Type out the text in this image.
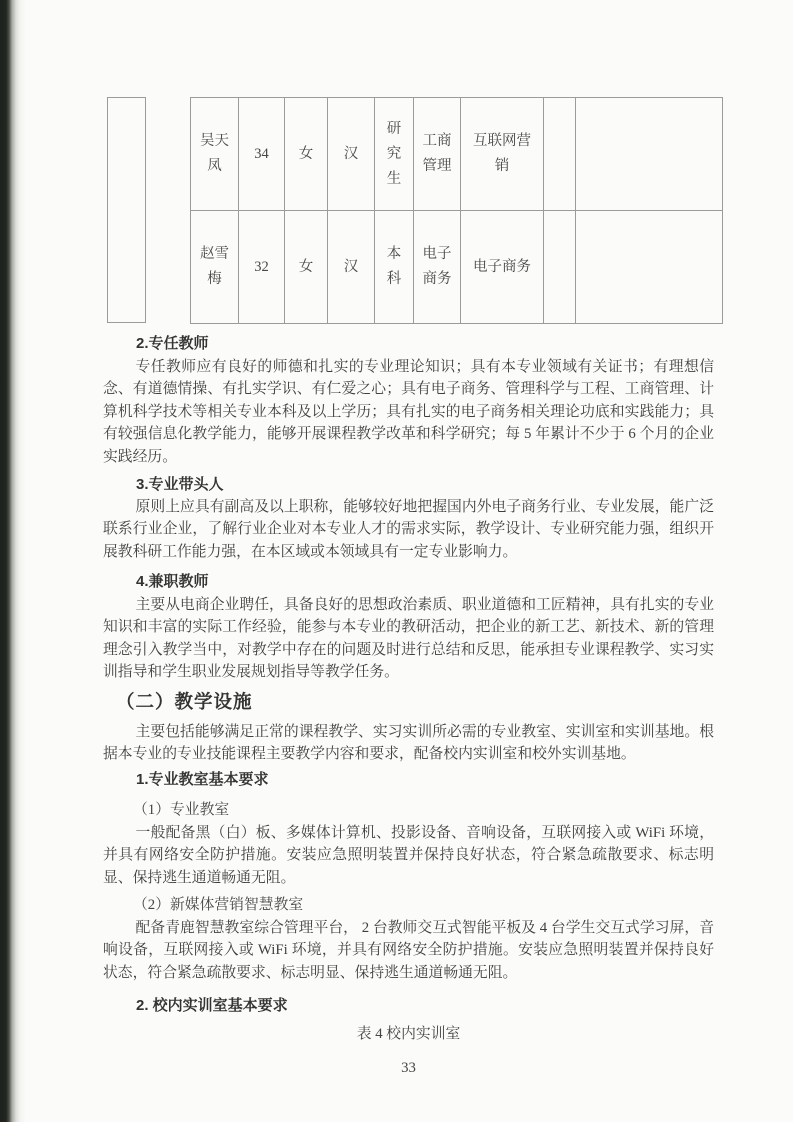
吴天凤	34	女	汉	研究生	工商管理	互联网营销		
赵雪梅	32	女	汉	本科	电子商务	电子商务		
2.专任教师
专任教师应有良好的师德和扎实的专业理论知识；具有本专业领域有关证书；有理想信念、有道德情操、有扎实学识、有仁爱之心；具有电子商务、管理科学与工程、工商管理、计算机科学技术等相关专业本科及以上学历；具有扎实的电子商务相关理论功底和实践能力；具有较强信息化教学能力，能够开展课程教学改革和科学研究；每 5 年累计不少于 6 个月的企业实践经历。
3.专业带头人
原则上应具有副高及以上职称，能够较好地把握国内外电子商务行业、专业发展，能广泛联系行业企业，了解行业企业对本专业人才的需求实际，教学设计、专业研究能力强，组织开展教科研工作能力强，在本区域或本领域具有一定专业影响力。
4.兼职教师
主要从电商企业聘任，具备良好的思想政治素质、职业道德和工匠精神，具有扎实的专业知识和丰富的实际工作经验，能参与本专业的教研活动，把企业的新工艺、新技术、新的管理理念引入教学当中，对教学中存在的问题及时进行总结和反思，能承担专业课程教学、实习实训指导和学生职业发展规划指导等教学任务。
（二）教学设施
主要包括能够满足正常的课程教学、实习实训所必需的专业教室、实训室和实训基地。根据本专业的专业技能课程主要教学内容和要求，配备校内实训室和校外实训基地。
1.专业教室基本要求
（1）专业教室
一般配备黑（白）板、多媒体计算机、投影设备、音响设备，互联网接入或 WiFi 环境，并具有网络安全防护措施。安装应急照明装置并保持良好状态，符合紧急疏散要求、标志明显、保持逃生通道畅通无阻。
（2）新媒体营销智慧教室
配备青鹿智慧教室综合管理平台， 2 台教师交互式智能平板及 4 台学生交互式学习屏，音响设备，互联网接入或 WiFi 环境，并具有网络安全防护措施。安装应急照明装置并保持良好状态，符合紧急疏散要求、标志明显、保持逃生通道畅通无阻。
2. 校内实训室基本要求
表 4 校内实训室
33
